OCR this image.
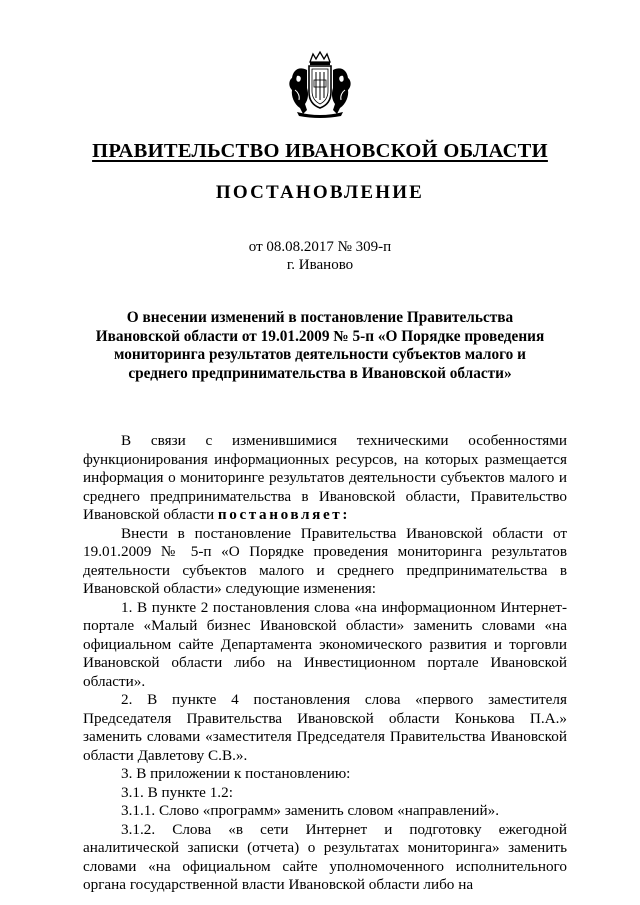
ПРАВИТЕЛЬСТВО ИВАНОВСКОЙ ОБЛАСТИ
ПОСТАНОВЛЕНИЕ
от 08.08.2017 № 309-п
г. Иваново
О внесении изменений в постановление Правительства Ивановской области от 19.01.2009 № 5-п «О Порядке проведения мониторинга результатов деятельности субъектов малого и среднего предпринимательства в Ивановской области»

В связи с изменившимися техническими особенностями функционирования информационных ресурсов, на которых размещается информация о мониторинге результатов деятельности субъектов малого и среднего предпринимательства в Ивановской области, Правительство Ивановской области постановляет:

Внести в постановление Правительства Ивановской области от 19.01.2009 № 5-п «О Порядке проведения мониторинга результатов деятельности субъектов малого и среднего предпринимательства в Ивановской области» следующие изменения:

1. В пункте 2 постановления слова «на информационном Интернет-портале «Малый бизнес Ивановской области» заменить словами «на официальном сайте Департамента экономического развития и торговли Ивановской области либо на Инвестиционном портале Ивановской области».

2. В пункте 4 постановления слова «первого заместителя Председателя Правительства Ивановской области Конькова П.А.» заменить словами «заместителя Председателя Правительства Ивановской области Давлетову С.В.».

3. В приложении к постановлению:

3.1. В пункте 1.2:

3.1.1. Слово «программ» заменить словом «направлений».

3.1.2. Слова «в сети Интернет и подготовку ежегодной аналитической записки (отчета) о результатах мониторинга» заменить словами «на официальном сайте уполномоченного исполнительного органа государственной власти Ивановской области либо на
